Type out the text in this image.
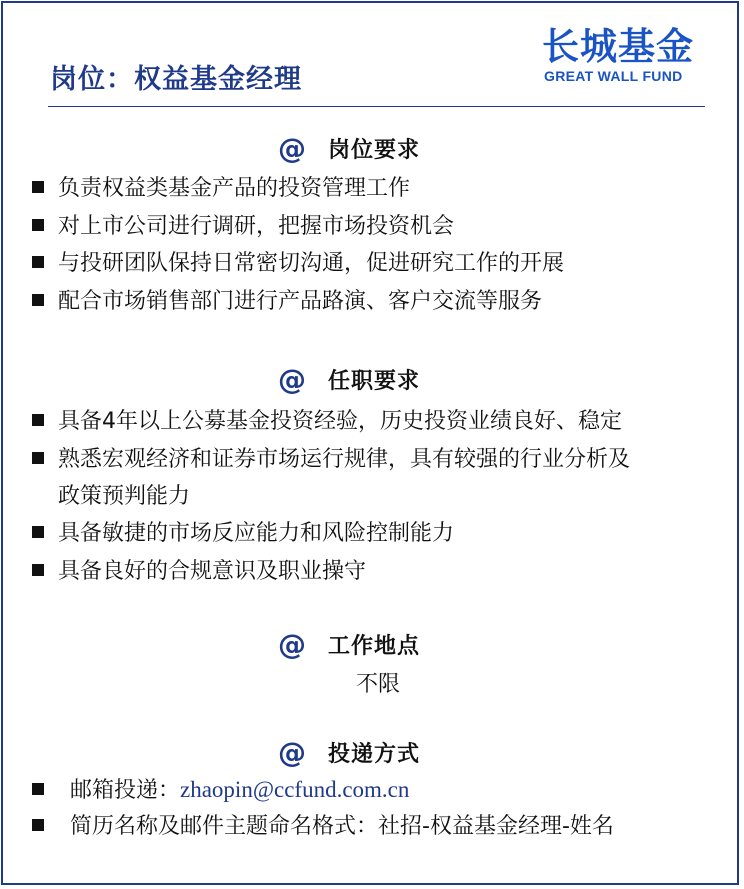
岗位：权益基金经理
长城基金
GREAT WALL FUND
@ 岗位要求
负责权益类基金产品的投资管理工作
对上市公司进行调研，把握市场投资机会
与投研团队保持日常密切沟通，促进研究工作的开展
配合市场销售部门进行产品路演、客户交流等服务
@ 任职要求
具备4年以上公募基金投资经验，历史投资业绩良好、稳定
熟悉宏观经济和证券市场运行规律，具有较强的行业分析及
政策预判能力
具备敏捷的市场反应能力和风险控制能力
具备良好的合规意识及职业操守
@ 工作地点
不限
@ 投递方式
邮箱投递：zhaopin@ccfund.com.cn
简历名称及邮件主题命名格式：社招-权益基金经理-姓名
